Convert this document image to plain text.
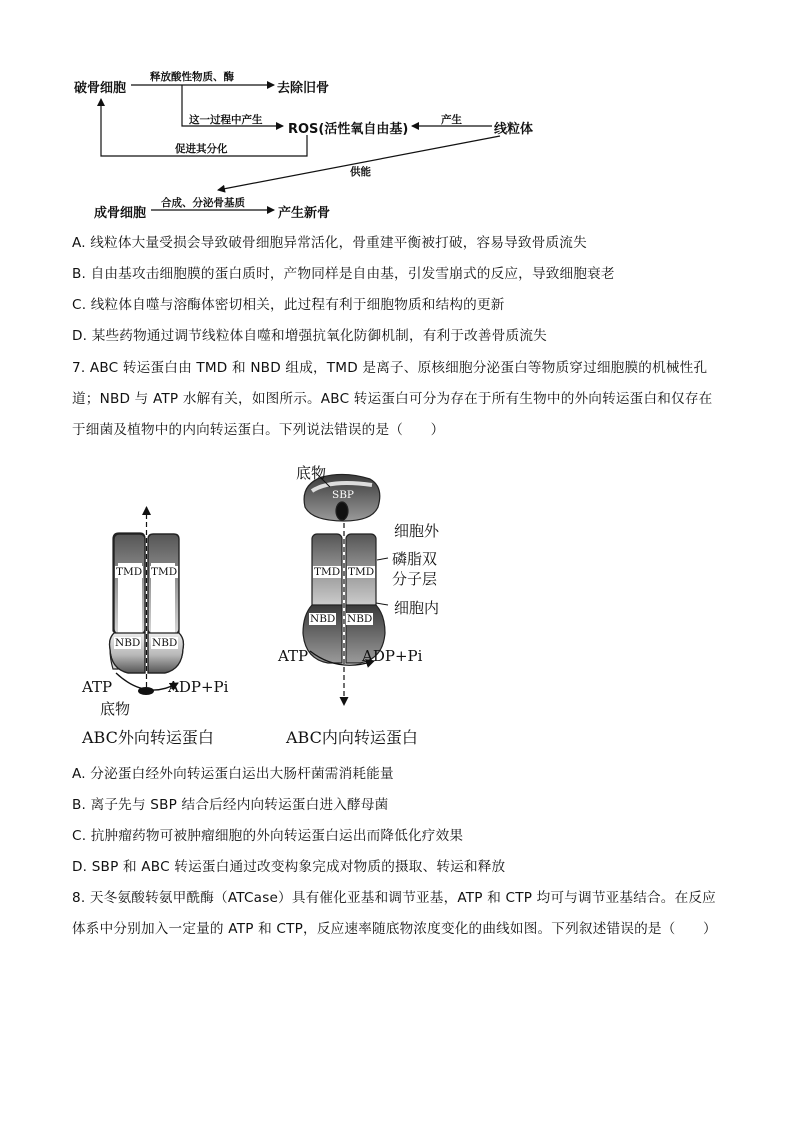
破骨细胞
释放酸性物质、酶
去除旧骨
这一过程中产生
ROS(活性氧自由基)
产生
线粒体
促进其分化
供能
成骨细胞
合成、分泌骨基质
产生新骨
A. 线粒体大量受损会导致破骨细胞异常活化，骨重建平衡被打破，容易导致骨质流失
B. 自由基攻击细胞膜的蛋白质时，产物同样是自由基，引发雪崩式的反应，导致细胞衰老
C. 线粒体自噬与溶酶体密切相关，此过程有利于细胞物质和结构的更新
D. 某些药物通过调节线粒体自噬和增强抗氧化防御机制，有利于改善骨质流失
7. ABC 转运蛋白由 TMD 和 NBD 组成，TMD 是离子、原核细胞分泌蛋白等物质穿过细胞膜的机械性孔
道；NBD 与 ATP 水解有关，如图所示。ABC 转运蛋白可分为存在于所有生物中的外向转运蛋白和仅存在
于细菌及植物中的内向转运蛋白。下列说法错误的是（　　）
TMD TMD
NBD NBD
ATP	ADP+Pi
底物
ABC外向转运蛋白
底物
SBP
细胞外
磷脂双
分子层
细胞内
TMD TMD
NBD NBD
ATP	ADP+Pi
ABC内向转运蛋白
A. 分泌蛋白经外向转运蛋白运出大肠杆菌需消耗能量
B. 离子先与 SBP 结合后经内向转运蛋白进入酵母菌
C. 抗肿瘤药物可被肿瘤细胞的外向转运蛋白运出而降低化疗效果
D. SBP 和 ABC 转运蛋白通过改变构象完成对物质的摄取、转运和释放
8. 天冬氨酸转氨甲酰酶（ATCase）具有催化亚基和调节亚基，ATP 和 CTP 均可与调节亚基结合。在反应
体系中分别加入一定量的 ATP 和 CTP，反应速率随底物浓度变化的曲线如图。下列叙述错误的是（　　）
